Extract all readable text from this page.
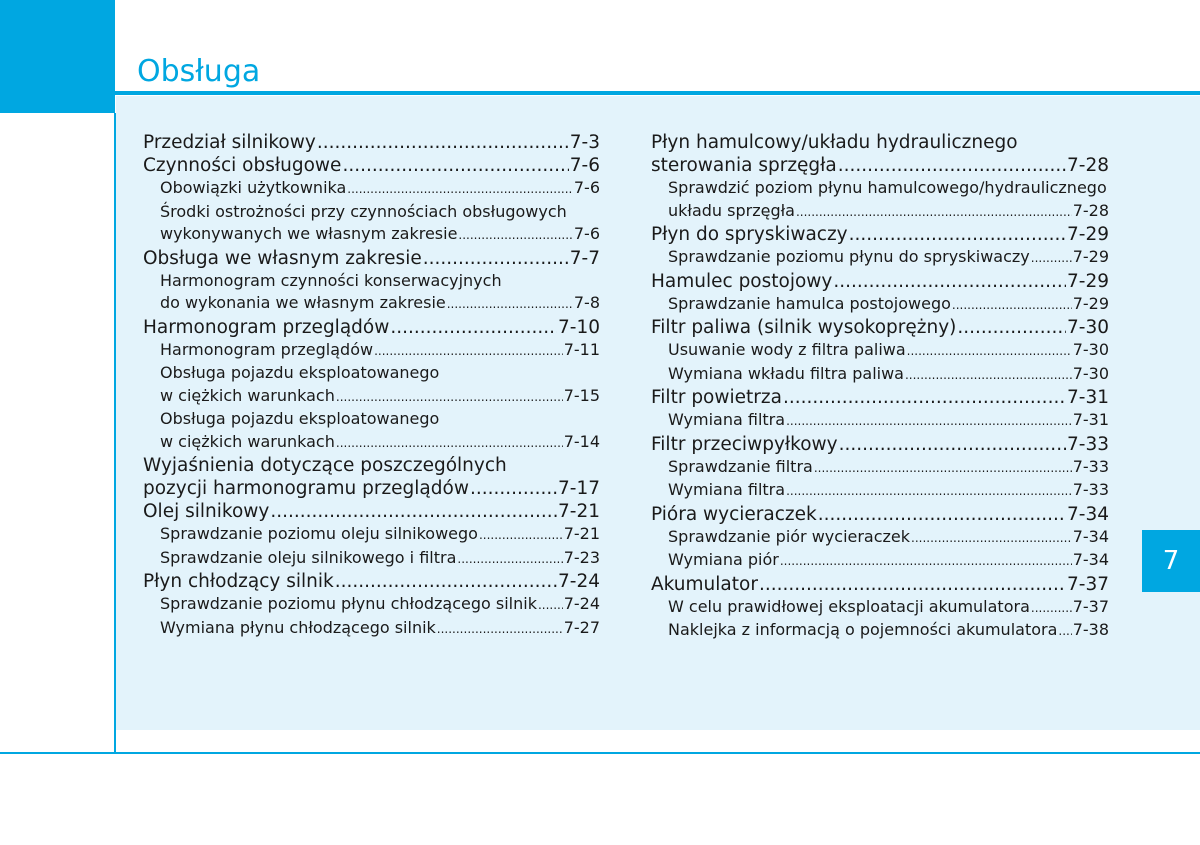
Obsługa
7
Przedział silnikowy .....	7-3
Czynności obsługowe .....	7-6
Obowiązki użytkownika .....	7-6
Środki ostrożności przy czynnościach obsługowych
wykonywanych we własnym zakresie .....	7-6
Obsługa we własnym zakresie .....	7-7
Harmonogram czynności konserwacyjnych
do wykonania we własnym zakresie .....	7-8
Harmonogram przeglądów .....	7-10
Harmonogram przeglądów .....	7-11
Obsługa pojazdu eksploatowanego
w ciężkich warunkach .....	7-15
Obsługa pojazdu eksploatowanego
w ciężkich warunkach .....	7-14
Wyjaśnienia dotyczące poszczególnych
pozycji harmonogramu przeglądów .....	7-17
Olej silnikowy .....	7-21
Sprawdzanie poziomu oleju silnikowego .....	7-21
Sprawdzanie oleju silnikowego i filtra .....	7-23
Płyn chłodzący silnik .....	7-24
Sprawdzanie poziomu płynu chłodzącego silnik ..... 7-24
Wymiana płynu chłodzącego silnik .....	7-27
Płyn hamulcowy/układu hydraulicznego
sterowania sprzęgła .....	7-28
Sprawdzić poziom płynu hamulcowego/hydraulicznego
układu sprzęgła .....	7-28
Płyn do spryskiwaczy .....	7-29
Sprawdzanie poziomu płynu do spryskiwaczy .....	7-29
Hamulec postojowy .....	7-29
Sprawdzanie hamulca postojowego .....	7-29
Filtr paliwa (silnik wysokoprężny) .....	7-30
Usuwanie wody z filtra paliwa .....	7-30
Wymiana wkładu filtra paliwa .....	7-30
Filtr powietrza .....	7-31
Wymiana filtra .....	7-31
Filtr przeciwpyłkowy .....	7-33
Sprawdzanie filtra .....	7-33
Wymiana filtra .....	7-33
Pióra wycieraczek .....	7-34
Sprawdzanie piór wycieraczek .....	7-34
Wymiana piór .....	7-34
Akumulator .....	7-37
W celu prawidłowej eksploatacji akumulatora .....	7-37
Naklejka z informacją o pojemności akumulatora ..... 7-38
